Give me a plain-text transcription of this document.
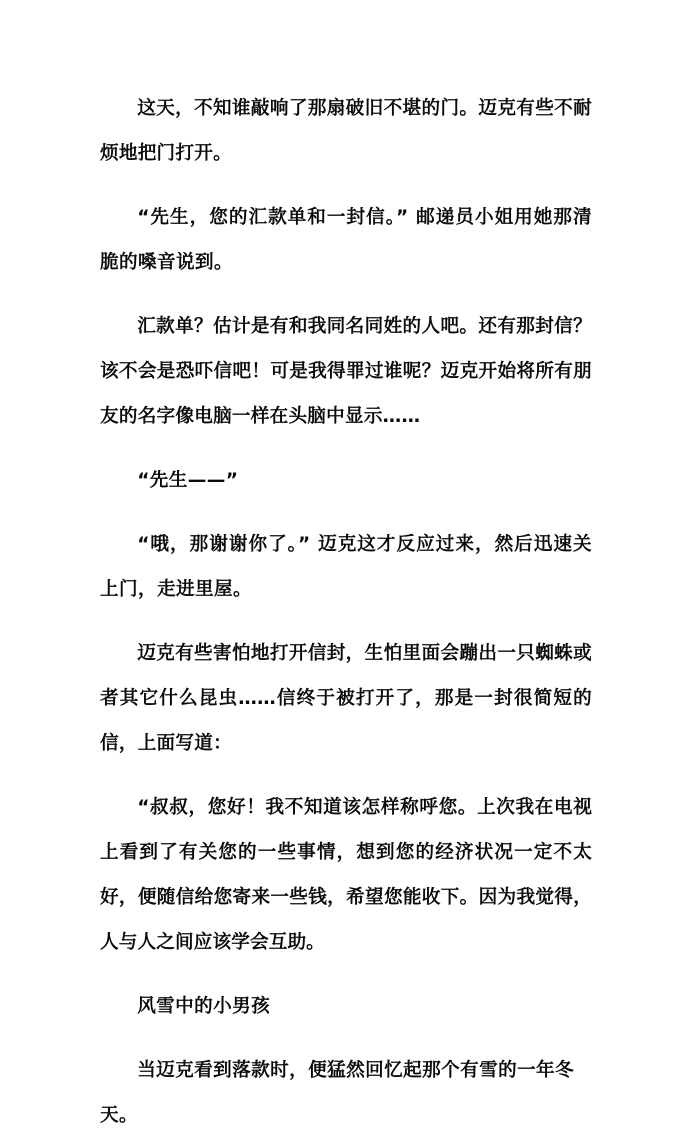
这天，不知谁敲响了那扇破旧不堪的门。迈克有些不耐烦地把门打开。

“先生，您的汇款单和一封信。” 邮递员小姐用她那清脆的嗓音说到。

汇款单？估计是有和我同名同姓的人吧。还有那封信？该不会是恐吓信吧！可是我得罪过谁呢？迈克开始将所有朋友的名字像电脑一样在头脑中显示……

“先生——”

“哦，那谢谢你了。” 迈克这才反应过来，然后迅速关上门，走进里屋。

迈克有些害怕地打开信封，生怕里面会蹦出一只蜘蛛或者其它什么昆虫……信终于被打开了，那是一封很简短的信，上面写道：

“叔叔，您好！我不知道该怎样称呼您。上次我在电视上看到了有关您的一些事情，想到您的经济状况一定不太好，便随信给您寄来一些钱，希望您能收下。因为我觉得，人与人之间应该学会互助。

风雪中的小男孩

当迈克看到落款时，便猛然回忆起那个有雪的一年冬天。
